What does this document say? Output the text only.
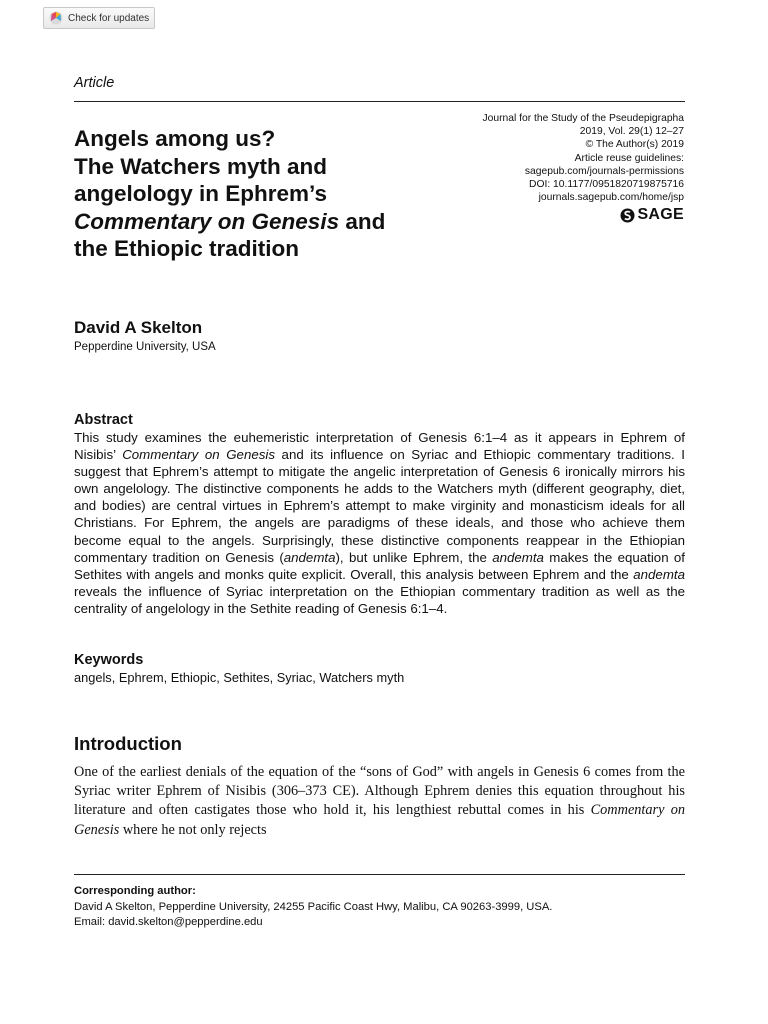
Check for updates
Article
Journal for the Study of the Pseudepigrapha
2019, Vol. 29(1) 12–27
© The Author(s) 2019
Article reuse guidelines:
sagepub.com/journals-permissions
DOI: 10.1177/0951820719875716
journals.sagepub.com/home/jsp
SAGE
Angels among us?
The Watchers myth and
angelology in Ephrem’s
Commentary on Genesis and
the Ethiopic tradition
David A Skelton
Pepperdine University, USA
Abstract

This study examines the euhemeristic interpretation of Genesis 6:1–4 as it appears in Ephrem of Nisibis’ Commentary on Genesis and its influence on Syriac and Ethiopic commentary traditions. I suggest that Ephrem’s attempt to mitigate the angelic interpretation of Genesis 6 ironically mirrors his own angelology. The distinctive components he adds to the Watchers myth (different geography, diet, and bodies) are central virtues in Ephrem’s attempt to make virginity and monasticism ideals for all Christians. For Ephrem, the angels are paradigms of these ideals, and those who achieve them become equal to the angels. Surprisingly, these distinctive components reappear in the Ethiopian commentary tradition on Genesis (andemta), but unlike Ephrem, the andemta makes the equation of Sethites with angels and monks quite explicit. Overall, this analysis between Ephrem and the andemta reveals the influence of Syriac interpretation on the Ethiopian commentary tradition as well as the centrality of angelology in the Sethite reading of Genesis 6:1–4.

Keywords
angels, Ephrem, Ethiopic, Sethites, Syriac, Watchers myth
Introduction

One of the earliest denials of the equation of the “sons of God” with angels in Genesis 6 comes from the Syriac writer Ephrem of Nisibis (306–373 CE). Although Ephrem denies this equation throughout his literature and often castigates those who hold it, his lengthiest rebuttal comes in his Commentary on Genesis where he not only rejects

Corresponding author:
David A Skelton, Pepperdine University, 24255 Pacific Coast Hwy, Malibu, CA 90263-3999, USA.
Email: david.skelton@pepperdine.edu
